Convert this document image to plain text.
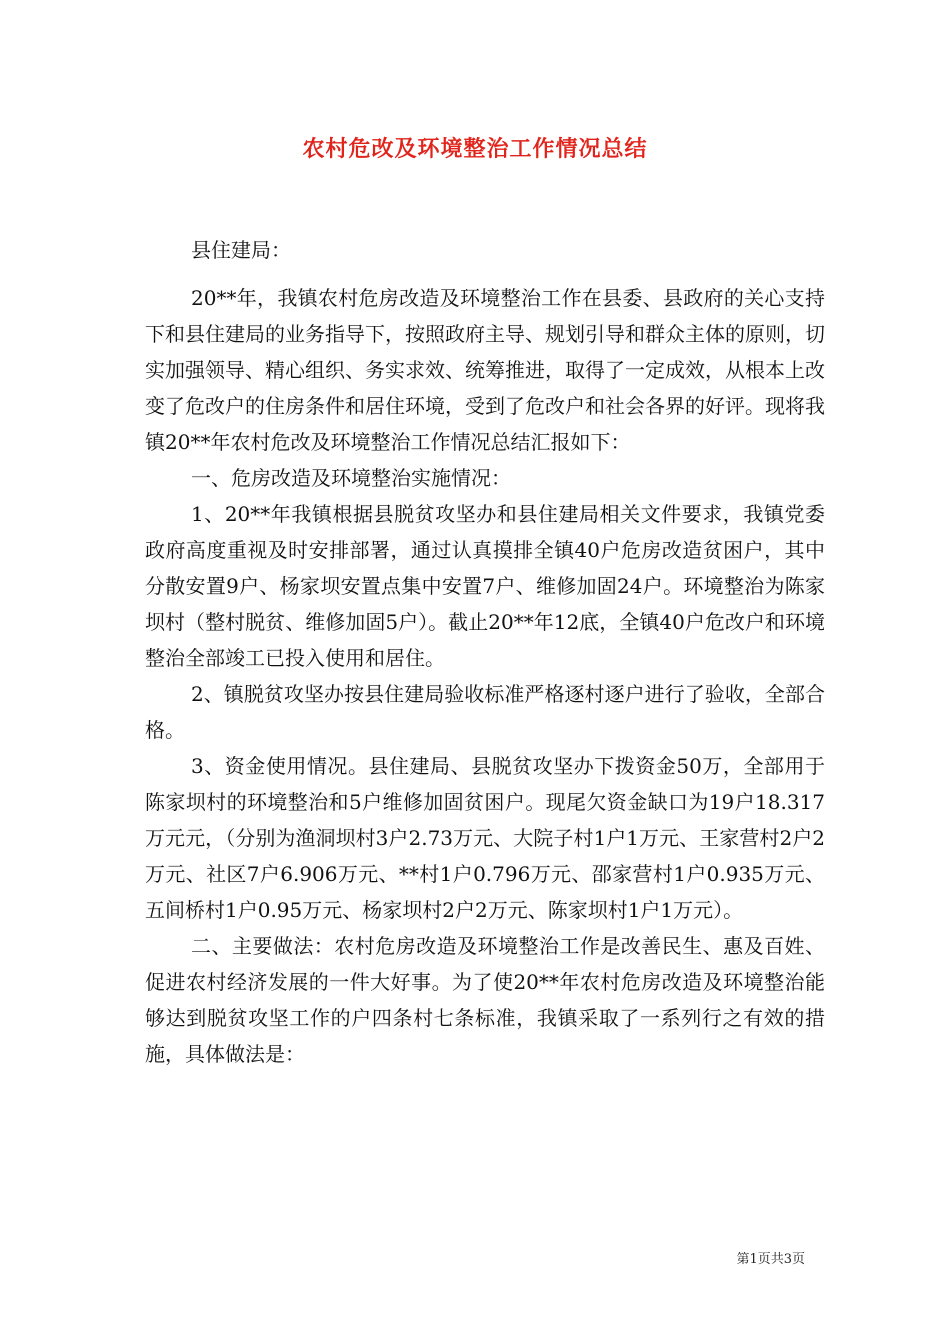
农村危改及环境整治工作情况总结

县住建局：

20**年，我镇农村危房改造及环境整治工作在县委、县政府的关心支持下和县住建局的业务指导下，按照政府主导、规划引导和群众主体的原则，切实加强领导、精心组织、务实求效、统筹推进，取得了一定成效，从根本上改变了危改户的住房条件和居住环境，受到了危改户和社会各界的好评。现将我镇20**年农村危改及环境整治工作情况总结汇报如下：

一、危房改造及环境整治实施情况：

1、20**年我镇根据县脱贫攻坚办和县住建局相关文件要求，我镇党委政府高度重视及时安排部署，通过认真摸排全镇40户危房改造贫困户，其中分散安置9户、杨家坝安置点集中安置7户、维修加固24户。环境整治为陈家坝村（整村脱贫、维修加固5户）。截止20**年12底，全镇40户危改户和环境整治全部竣工已投入使用和居住。

2、镇脱贫攻坚办按县住建局验收标准严格逐村逐户进行了验收，全部合格。

3、资金使用情况。县住建局、县脱贫攻坚办下拨资金50万，全部用于陈家坝村的环境整治和5户维修加固贫困户。现尾欠资金缺口为19户18.317万元元，（分别为渔洞坝村3户2.73万元、大院子村1户1万元、王家营村2户2万元、社区7户6.906万元、**村1户0.796万元、邵家营村1户0.935万元、五间桥村1户0.95万元、杨家坝村2户2万元、陈家坝村1户1万元）。

二、主要做法：农村危房改造及环境整治工作是改善民生、惠及百姓、促进农村经济发展的一件大好事。为了使20**年农村危房改造及环境整治能够达到脱贫攻坚工作的户四条村七条标准，我镇采取了一系列行之有效的措施，具体做法是：

第1页共3页
